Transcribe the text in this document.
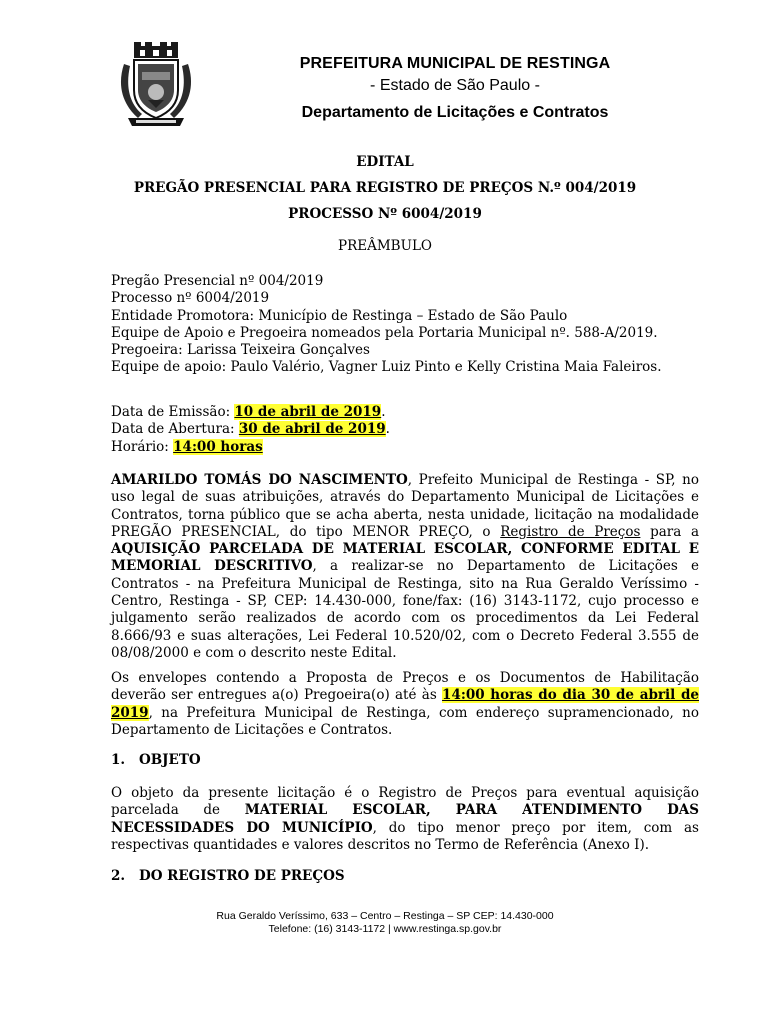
PREFEITURA MUNICIPAL DE RESTINGA
- Estado de São Paulo -
Departamento de Licitações e Contratos
EDITAL
PREGÃO PRESENCIAL PARA REGISTRO DE PREÇOS N.º 004/2019
PROCESSO Nº 6004/2019
PREÂMBULO
Pregão Presencial nº 004/2019
Processo nº 6004/2019
Entidade Promotora: Município de Restinga – Estado de São Paulo
Equipe de Apoio e Pregoeira nomeados pela Portaria Municipal nº. 588-A/2019.
Pregoeira: Larissa Teixeira Gonçalves
Equipe de apoio: Paulo Valério, Vagner Luiz Pinto e Kelly Cristina Maia Faleiros.
Data de Emissão: 10 de abril de 2019.
Data de Abertura: 30 de abril de 2019.
Horário: 14:00 horas

AMARILDO TOMÁS DO NASCIMENTO, Prefeito Municipal de Restinga - SP, no uso legal de suas atribuições, através do Departamento Municipal de Licitações e Contratos, torna público que se acha aberta, nesta unidade, licitação na modalidade PREGÃO PRESENCIAL, do tipo MENOR PREÇO, o Registro de Preços para a AQUISIÇÃO PARCELADA DE MATERIAL ESCOLAR, CONFORME EDITAL E MEMORIAL DESCRITIVO, a realizar-se no Departamento de Licitações e Contratos - na Prefeitura Municipal de Restinga, sito na Rua Geraldo Veríssimo - Centro, Restinga - SP, CEP: 14.430-000, fone/fax: (16) 3143-1172, cujo processo e julgamento serão realizados de acordo com os procedimentos da Lei Federal 8.666/93 e suas alterações, Lei Federal 10.520/02, com o Decreto Federal 3.555 de 08/08/2000 e com o descrito neste Edital.

Os envelopes contendo a Proposta de Preços e os Documentos de Habilitação deverão ser entregues a(o) Pregoeira(o) até às 14:00 horas do dia 30 de abril de 2019, na Prefeitura Municipal de Restinga, com endereço supramencionado, no Departamento de Licitações e Contratos.

1. OBJETO

O objeto da presente licitação é o Registro de Preços para eventual aquisição parcelada de MATERIAL ESCOLAR, PARA ATENDIMENTO DAS NECESSIDADES DO MUNICÍPIO, do tipo menor preço por item, com as respectivas quantidades e valores descritos no Termo de Referência (Anexo I).

2. DO REGISTRO DE PREÇOS
Rua Geraldo Veríssimo, 633 – Centro – Restinga – SP CEP: 14.430-000
Telefone: (16) 3143-1172 | www.restinga.sp.gov.br
